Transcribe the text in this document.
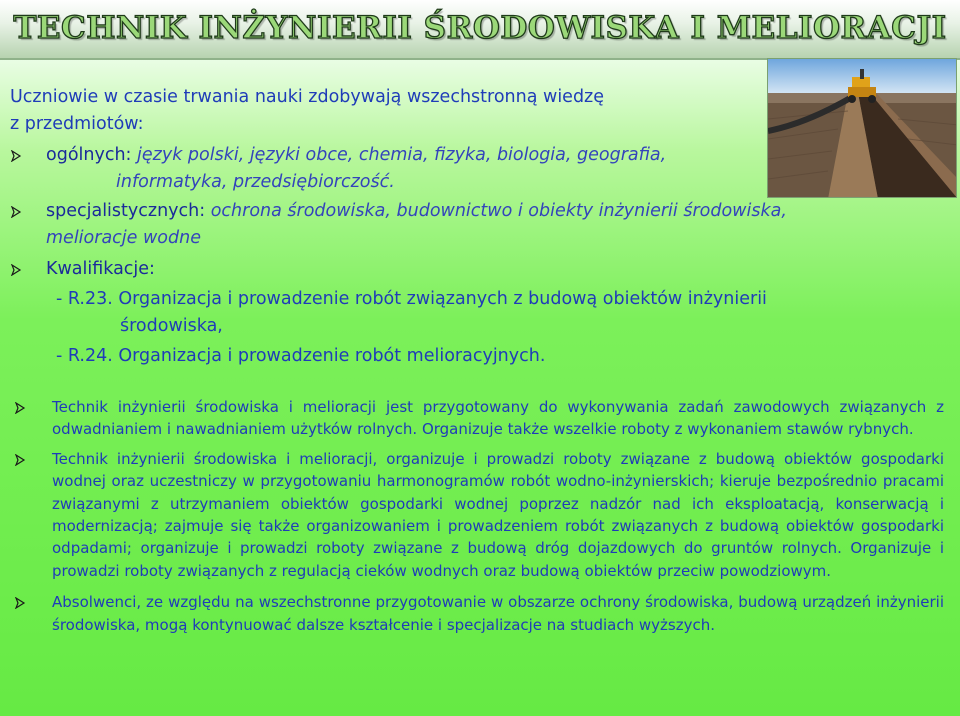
TECHNIK INŻYNIERII ŚRODOWISKA I MELIORACJI

Uczniowie w czasie trwania nauki zdobywają wszechstronną wiedzę

z przedmiotów:

ogólnych: język polski, języki obce, chemia, fizyka, biologia, geografia,

informatyka, przedsiębiorczość.

specjalistycznych: ochrona środowiska, budownictwo i obiekty inżynierii środowiska,

melioracje wodne

Kwalifikacje:

- R.23. Organizacja i prowadzenie robót związanych z budową obiektów inżynierii

środowiska,

- R.24. Organizacja i prowadzenie robót melioracyjnych.

Technik inżynierii środowiska i melioracji jest przygotowany do wykonywania zadań zawodowych związanych z odwadnianiem i nawadnianiem użytków rolnych. Organizuje także wszelkie roboty z wykonaniem stawów rybnych.

Technik inżynierii środowiska i melioracji, organizuje i prowadzi roboty związane z budową obiektów gospodarki wodnej oraz uczestniczy w przygotowaniu harmonogramów robót wodno-inżynierskich; kieruje bezpośrednio pracami związanymi z utrzymaniem obiektów gospodarki wodnej poprzez nadzór nad ich eksploatacją, konserwacją i modernizacją; zajmuje się także organizowaniem i prowadzeniem robót związanych z budową obiektów gospodarki odpadami; organizuje i prowadzi roboty związane z budową dróg dojazdowych do gruntów rolnych. Organizuje i prowadzi roboty związanych z regulacją cieków wodnych oraz budową obiektów przeciw powodziowym.

Absolwenci, ze względu na wszechstronne przygotowanie w obszarze ochrony środowiska, budową urządzeń inżynierii środowiska, mogą kontynuować dalsze kształcenie i specjalizacje na studiach wyższych.
